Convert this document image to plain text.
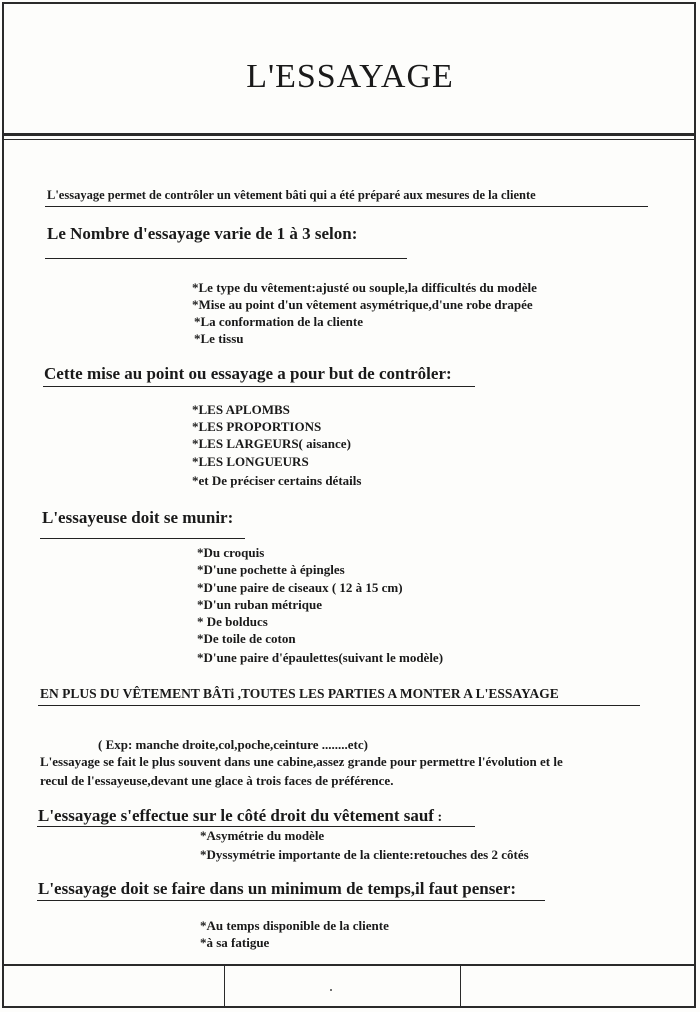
L'ESSAYAGE
L'essayage permet de contrôler un vêtement bâti qui a été préparé aux mesures de la cliente
Le Nombre d'essayage varie de 1 à 3 selon:
*Le type du vêtement:ajusté ou souple,la difficultés du modèle
*Mise au point d'un vêtement asymétrique,d'une robe drapée
*La conformation de la cliente
*Le tissu
Cette mise au point ou essayage a pour but de contrôler:
*LES APLOMBS
*LES PROPORTIONS
*LES LARGEURS( aisance)
*LES LONGUEURS
*et De préciser certains détails
L'essayeuse doit se munir:
*Du croquis
*D'une pochette à épingles
*D'une paire de ciseaux ( 12 à 15 cm)
*D'un ruban métrique
* De bolducs
*De toile de coton
*D'une paire d'épaulettes(suivant le modèle)
EN PLUS DU VÊTEMENT BÂTi ,TOUTES LES PARTIES A MONTER A L'ESSAYAGE
( Exp: manche droite,col,poche,ceinture ........etc)
L'essayage se fait le plus souvent dans une cabine,assez grande pour permettre l'évolution et le
recul de l'essayeuse,devant une glace à trois faces de préférence.
L'essayage s'effectue sur le côté droit du vêtement sauf :
*Asymétrie du modèle
*Dyssymétrie importante de la cliente:retouches des 2 côtés
L'essayage doit se faire dans un minimum de temps,il faut penser:
*Au temps disponible de la cliente
*à sa fatigue
